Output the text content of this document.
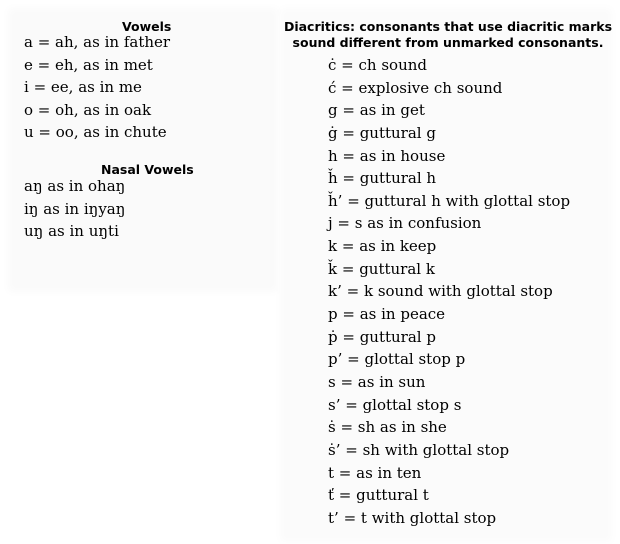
Vowels
a = ah, as in father
e = eh, as in met
i = ee, as in me
o = oh, as in oak
u = oo, as in chute
Nasal Vowels
aŋ as in ohaŋ
iŋ as in iŋyaŋ
uŋ as in uŋti
Diacritics: consonants that use diacritic marks
sound different from unmarked consonants.
ċ = ch sound
ć = explosive ch sound
g = as in get
ġ = guttural g
h = as in house
ȟ = guttural h
ȟ’ = guttural h with glottal stop
j = s as in confusion
k = as in keep
ǩ = guttural k
k’ = k sound with glottal stop
p = as in peace
ṗ = guttural p
p’ = glottal stop p
s = as in sun
s’ = glottal stop s
ṡ = sh as in she
ṡ’ = sh with glottal stop
t = as in ten
ť = guttural t
t’ = t with glottal stop
